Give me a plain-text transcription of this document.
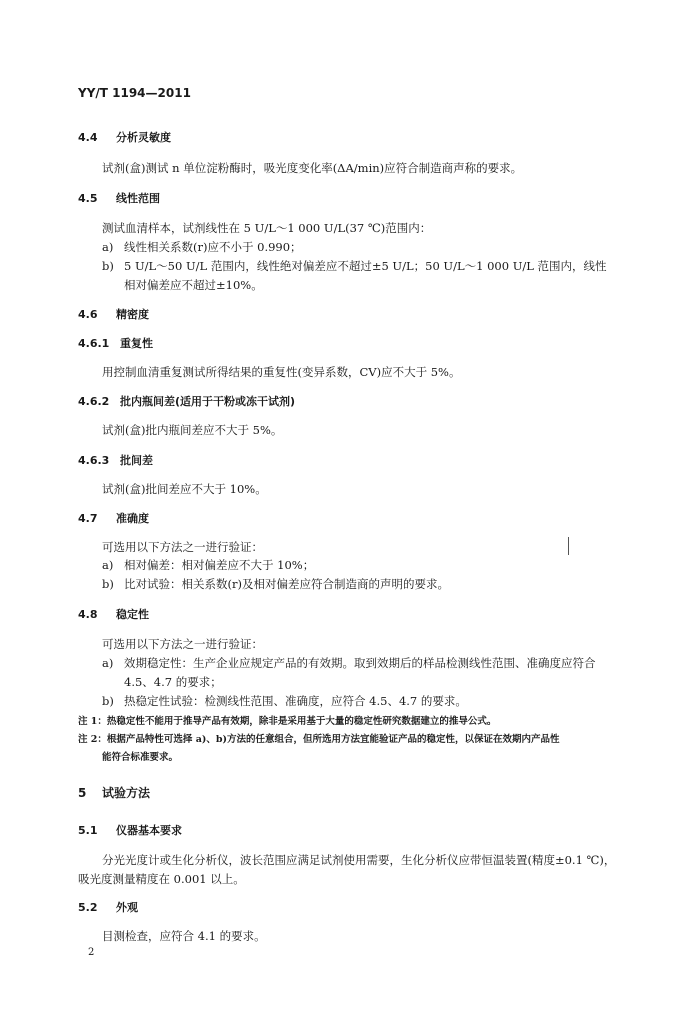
YY/T 1194—2011
4.4 分析灵敏度
试剂(盒)测试 n 单位淀粉酶时，吸光度变化率(ΔA/min)应符合制造商声称的要求。
4.5 线性范围
测试血清样本，试剂线性在 5 U/L～1 000 U/L(37 ℃)范围内：
a) 线性相关系数(r)应不小于 0.990；
b) 5 U/L～50 U/L 范围内，线性绝对偏差应不超过±5 U/L；50 U/L～1 000 U/L 范围内，线性
相对偏差应不超过±10%。
4.6 精密度
4.6.1 重复性
用控制血清重复测试所得结果的重复性(变异系数，CV)应不大于 5%。
4.6.2 批内瓶间差(适用于干粉或冻干试剂)
试剂(盒)批内瓶间差应不大于 5%。
4.6.3 批间差
试剂(盒)批间差应不大于 10%。
4.7 准确度
可选用以下方法之一进行验证：
a) 相对偏差：相对偏差应不大于 10%；
b) 比对试验：相关系数(r)及相对偏差应符合制造商的声明的要求。
4.8 稳定性
可选用以下方法之一进行验证：
a) 效期稳定性：生产企业应规定产品的有效期。取到效期后的样品检测线性范围、准确度应符合
4.5、4.7 的要求；
b) 热稳定性试验：检测线性范围、准确度，应符合 4.5、4.7 的要求。
注 1：热稳定性不能用于推导产品有效期，除非是采用基于大量的稳定性研究数据建立的推导公式。
注 2：根据产品特性可选择 a)、b)方法的任意组合，但所选用方法宜能验证产品的稳定性，以保证在效期内产品性
能符合标准要求。
5 试验方法
5.1 仪器基本要求
分光光度计或生化分析仪，波长范围应满足试剂使用需要，生化分析仪应带恒温装置(精度±0.1 ℃)，
吸光度测量精度在 0.001 以上。
5.2 外观
目测检查，应符合 4.1 的要求。
2
